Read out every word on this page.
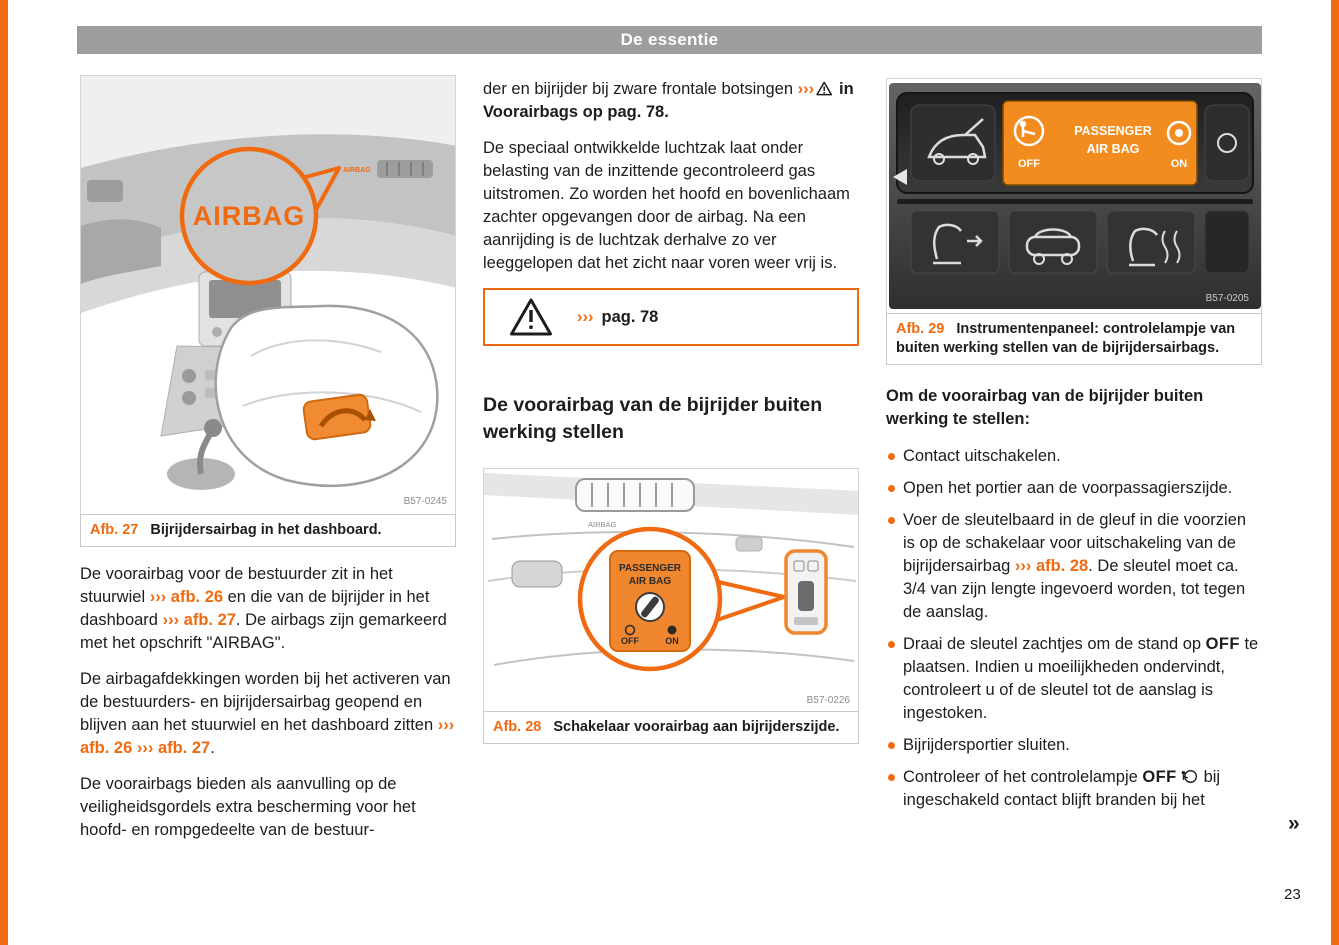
De essentie
AIRBAG
AIRBAG
B57-0245
Afb. 27 Bijrijdersairbag in het dashboard.

De voorairbag voor de bestuurder zit in het stuurwiel ››› afb. 26 en die van de bijrijder in het dashboard ››› afb. 27. De airbags zijn gemarkeerd met het opschrift "AIRBAG".

De airbagafdekkingen worden bij het activeren van de bestuurders- en bijrijdersairbag geopend en blijven aan het stuurwiel en het dashboard zitten ››› afb. 26 ››› afb. 27.

De voorairbags bieden als aanvulling op de veiligheidsgordels extra bescherming voor het hoofd- en rompgedeelte van de bestuur-

der en bijrijder bij zware frontale botsingen ››› in Voorairbags op pag. 78.

De speciaal ontwikkelde luchtzak laat onder belasting van de inzittende gecontroleerd gas uitstromen. Zo worden het hoofd en bovenlichaam zachter opgevangen door de airbag. Na een aanrijding is de luchtzak derhalve zo ver leeggelopen dat het zicht naar voren weer vrij is.

››› pag. 78
De voorairbag van de bijrijder buiten werking stellen
AIRBAG
PASSENGER
AIR BAG
OFF	ON
B57-0226
Afb. 28 Schakelaar voorairbag aan bijrijderszijde.
OFF
PASSENGER
AIR BAG
ON
B57-0205
Afb. 29 Instrumentenpaneel: controlelampje van buiten werking stellen van de bijrijdersairbags.
Om de voorairbag van de bijrijder buiten werking te stellen:
Contact uitschakelen.
Open het portier aan de voorpassagierszijde.
Voer de sleutelbaard in de gleuf in die voorzien is op de schakelaar voor uitschakeling van de bijrijdersairbag ››› afb. 28. De sleutel moet ca. 3/4 van zijn lengte ingevoerd worden, tot tegen de aanslag.
Draai de sleutel zachtjes om de stand op OFF te plaatsen. Indien u moeilijkheden ondervindt, controleert u of de sleutel tot de aanslag is ingestoken.
Bijrijdersportier sluiten.
Controleer of het controlelampje OFF bij ingeschakeld contact blijft branden bij het
»
23
